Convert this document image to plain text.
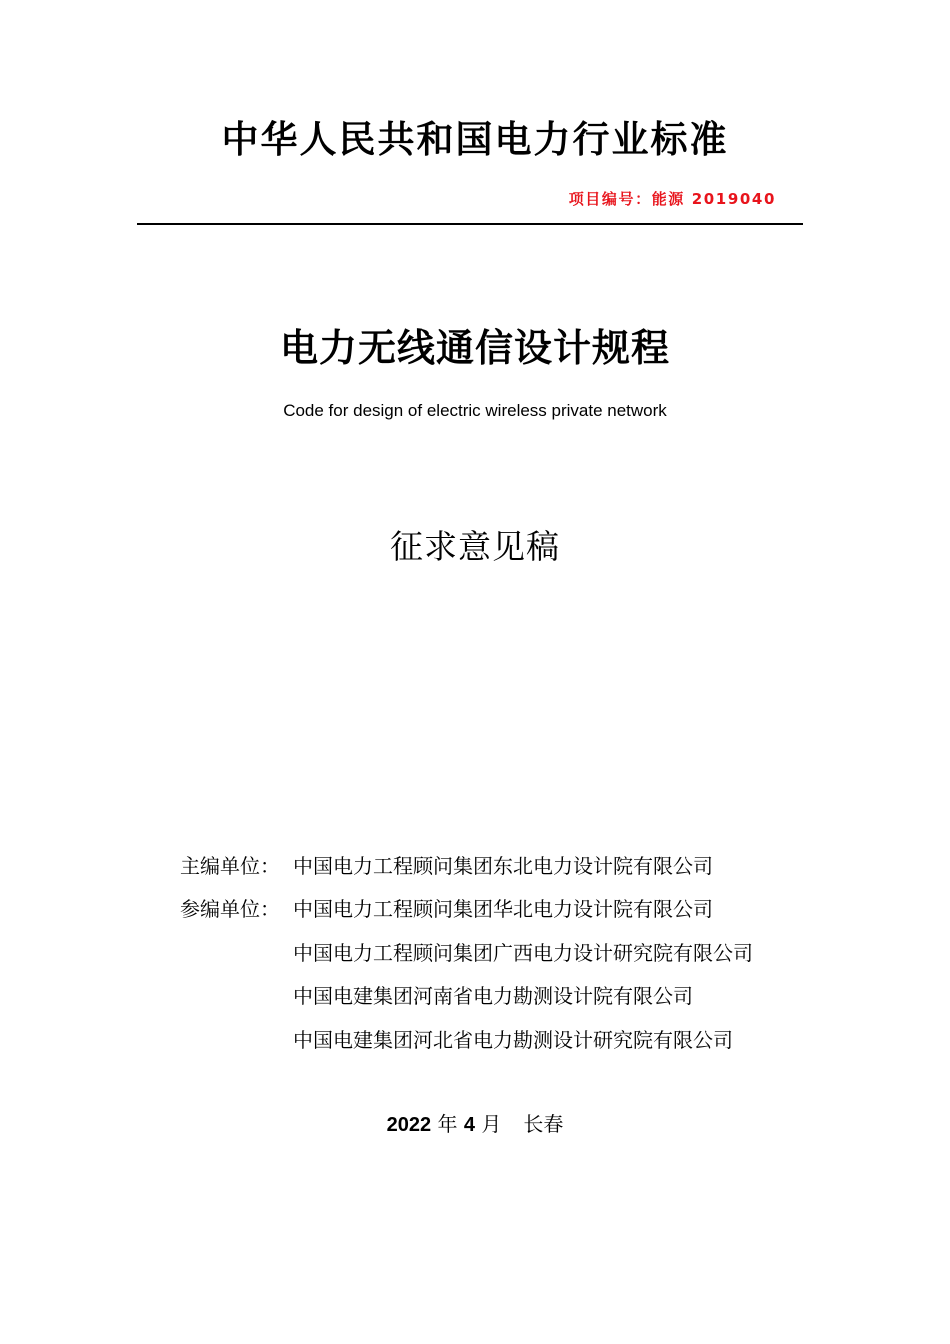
中华人民共和国电力行业标准
项目编号：能源 2019040
电力无线通信设计规程
Code for design of electric wireless private network
征求意见稿
主编单位： 中国电力工程顾问集团东北电力设计院有限公司
参编单位： 中国电力工程顾问集团华北电力设计院有限公司
中国电力工程顾问集团广西电力设计研究院有限公司
中国电建集团河南省电力勘测设计院有限公司
中国电建集团河北省电力勘测设计研究院有限公司
2022 年 4 月 长春
